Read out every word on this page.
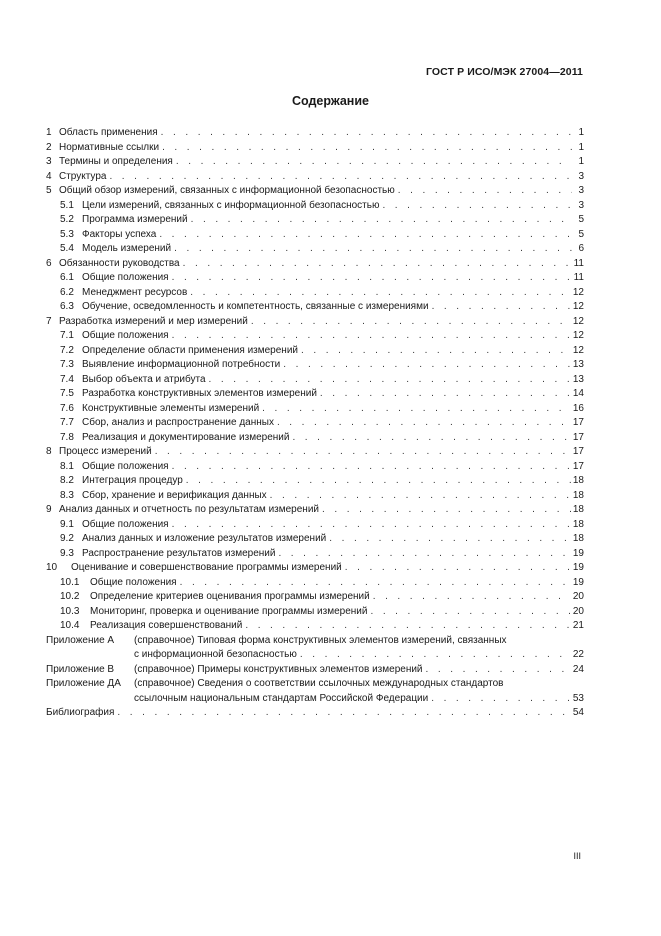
ГОСТ Р ИСО/МЭК 27004—2011
Содержание
1 Область применения . . .	1
2 Нормативные ссылки . . .	1
3 Термины и определения . . .	1
4 Структура . . .	3
5 Общий обзор измерений, связанных с информационной безопасностью . . .	3
5.1 Цели измерений, связанных с информационной безопасностью . . .	3
5.2 Программа измерений . . .	5
5.3 Факторы успеха . . .	5
5.4 Модель измерений . . .	6
6 Обязанности руководства . . .	11
6.1 Общие положения . . .	11
6.2 Менеджмент ресурсов . . .	12
6.3 Обучение, осведомленность и компетентность, связанные с измерениями . . .	12
7 Разработка измерений и мер измерений . . .	12
7.1 Общие положения . . .	12
7.2 Определение области применения измерений . . .	12
7.3 Выявление информационной потребности . . .	13
7.4 Выбор объекта и атрибута . . .	13
7.5 Разработка конструктивных элементов измерений . . .	14
7.6 Конструктивные элементы измерений . . .	16
7.7 Сбор, анализ и распространение данных . . .	17
7.8 Реализация и документирование измерений . . .	17
8 Процесс измерений . . .	17
8.1 Общие положения . . .	17
8.2 Интеграция процедур . . .	18
8.3 Сбор, хранение и верификация данных . . .	18
9 Анализ данных и отчетность по результатам измерений . . .	18
9.1 Общие положения . . .	18
9.2 Анализ данных и изложение результатов измерений . . .	18
9.3 Распространение результатов измерений . . .	19
10	Оценивание и совершенствование программы измерений . . .	19
10.1	Общие положения . . .	19
10.2	Определение критериев оценивания программы измерений . . .	20
10.3	Мониторинг, проверка и оценивание программы измерений . . .	20
10.4	Реализация совершенствований . . .	21
Приложение А	(справочное) Типовая форма конструктивных элементов измерений, связанных
с информационной безопасностью . . .	22
Приложение В	(справочное) Примеры конструктивных элементов измерений . . .	24
Приложение ДА	(справочное) Сведения о соответствии ссылочных международных стандартов
ссылочным национальным стандартам Российской Федерации . . .	53
Библиография . . .	54
III
